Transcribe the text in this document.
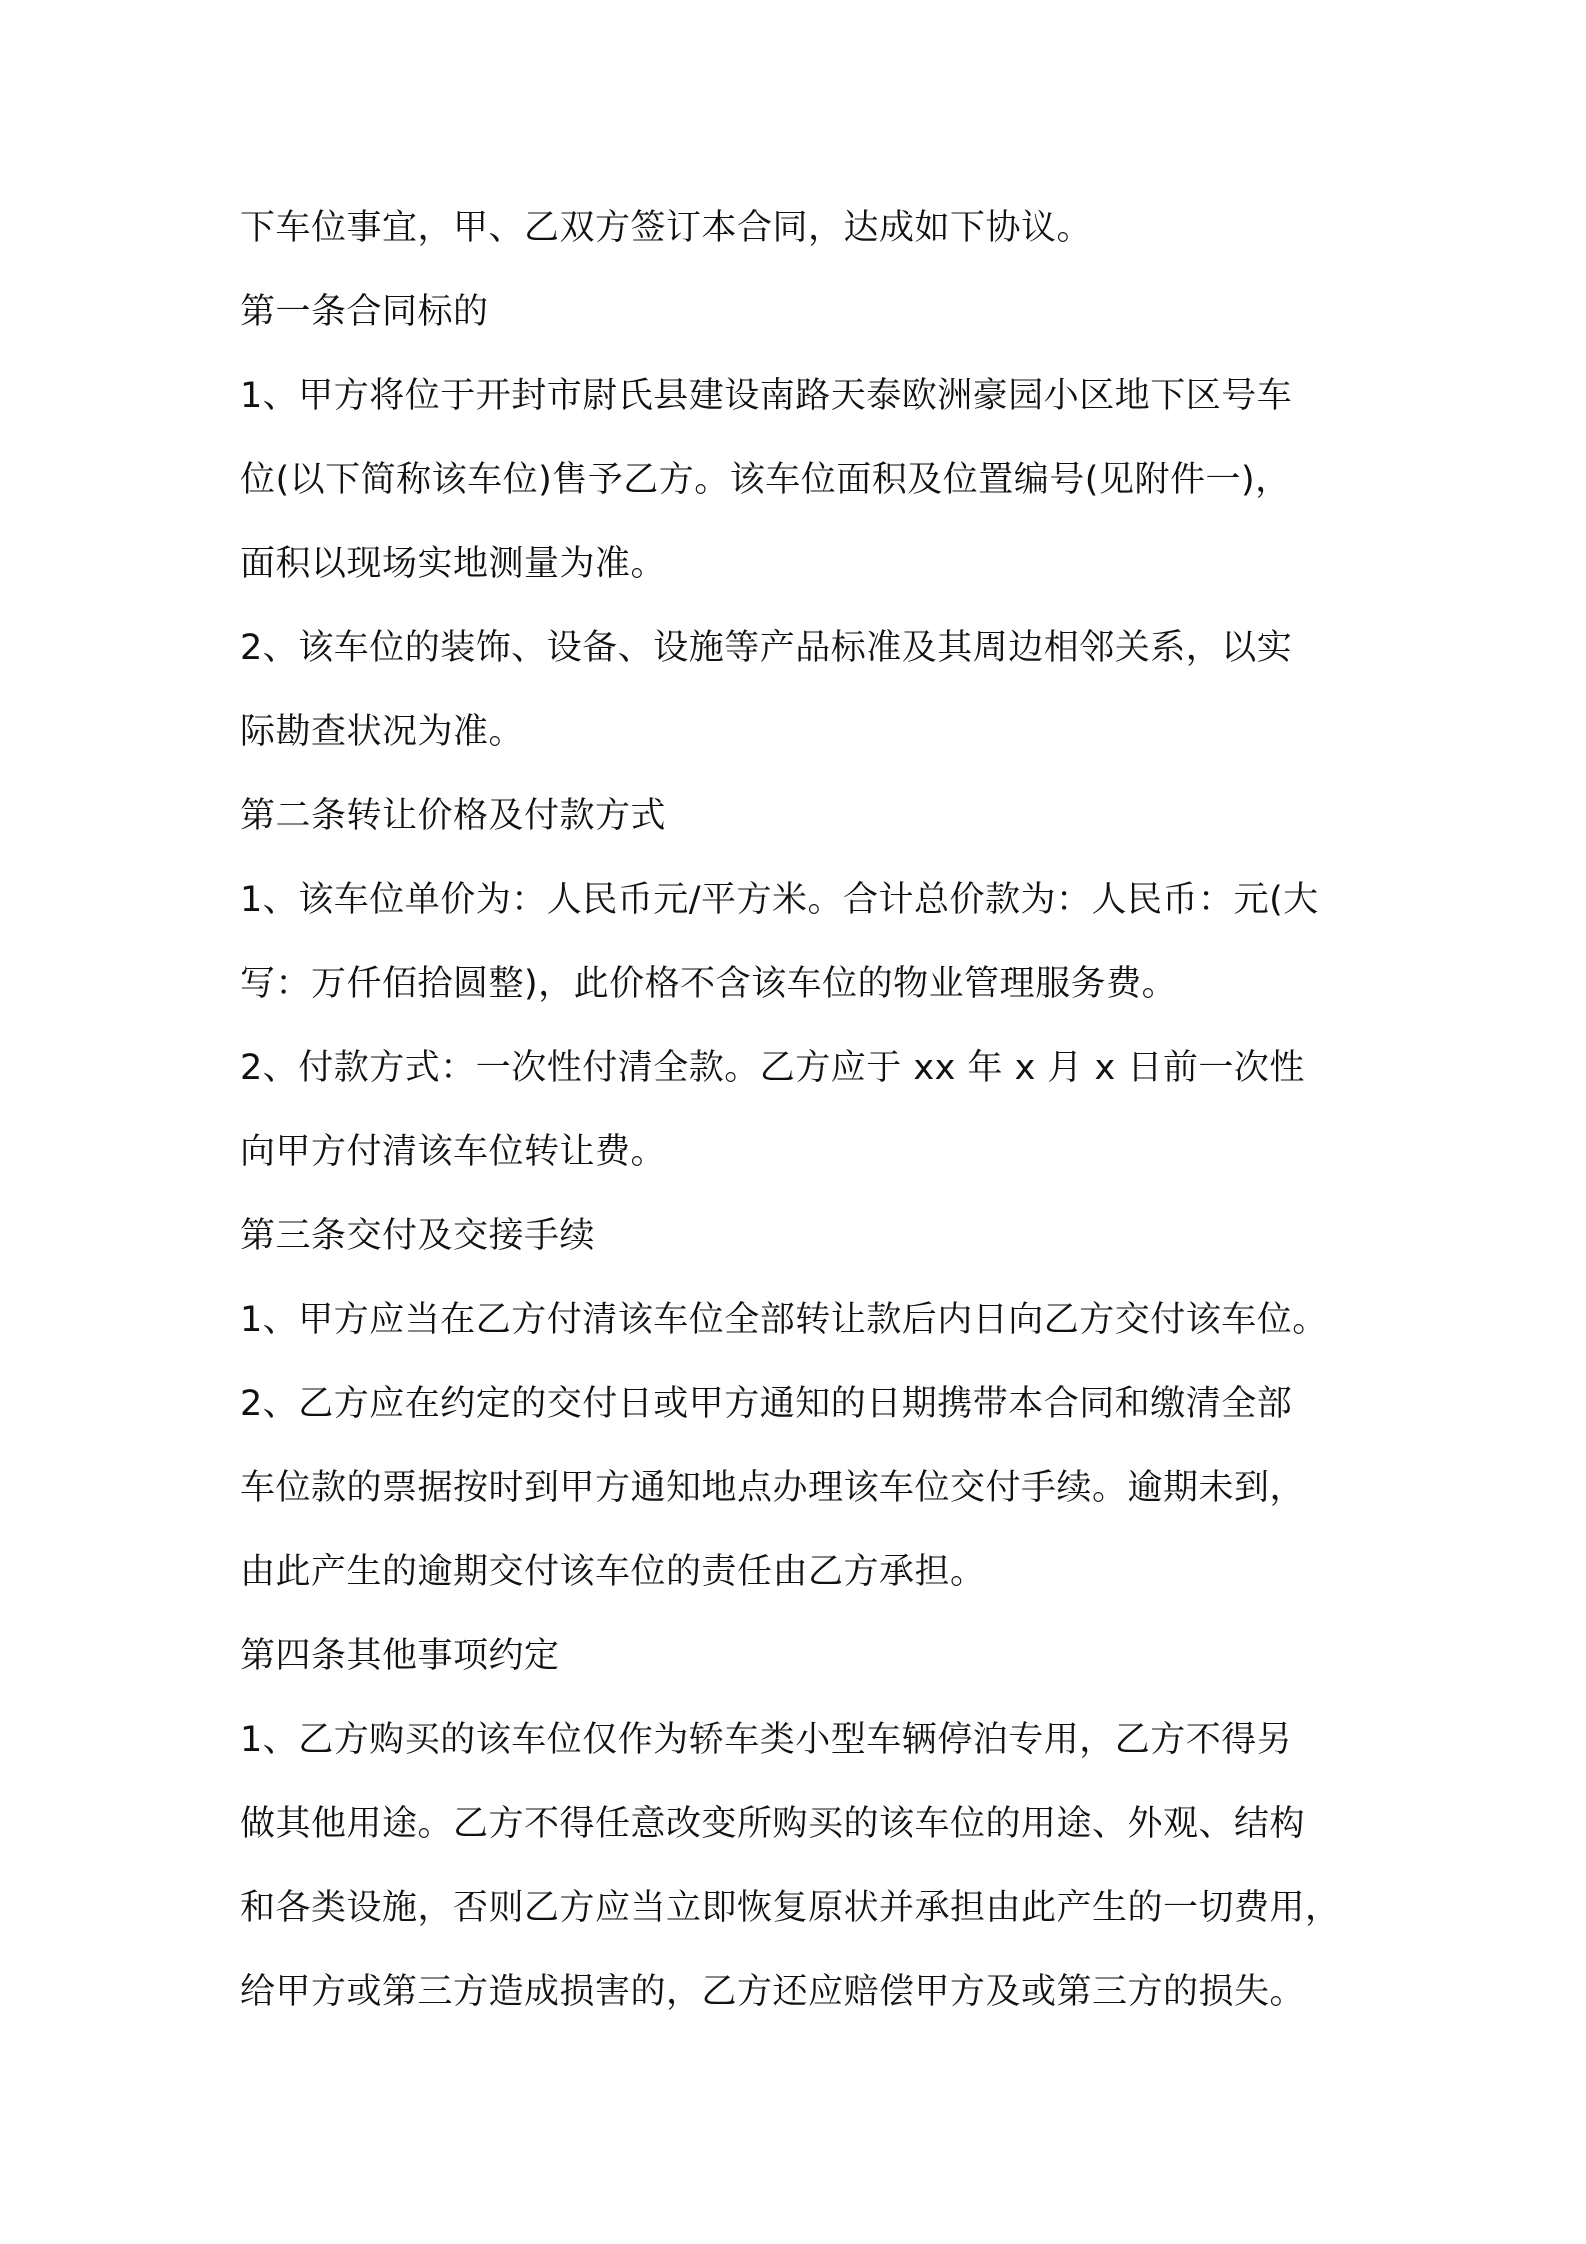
下车位事宜，甲、乙双方签订本合同，达成如下协议。
第一条合同标的
1、甲方将位于开封市尉氏县建设南路天泰欧洲豪园小区地下区号车
位(以下简称该车位)售予乙方。该车位面积及位置编号(见附件一)，
面积以现场实地测量为准。
2、该车位的装饰、设备、设施等产品标准及其周边相邻关系，以实
际勘查状况为准。
第二条转让价格及付款方式
1、该车位单价为：人民币元/平方米。合计总价款为：人民币：元(大
写：万仟佰拾圆整)，此价格不含该车位的物业管理服务费。
2、付款方式：一次性付清全款。乙方应于 xx 年 x 月 x 日前一次性
向甲方付清该车位转让费。
第三条交付及交接手续
1、甲方应当在乙方付清该车位全部转让款后内日向乙方交付该车位。
2、乙方应在约定的交付日或甲方通知的日期携带本合同和缴清全部
车位款的票据按时到甲方通知地点办理该车位交付手续。逾期未到，
由此产生的逾期交付该车位的责任由乙方承担。
第四条其他事项约定
1、乙方购买的该车位仅作为轿车类小型车辆停泊专用，乙方不得另
做其他用途。乙方不得任意改变所购买的该车位的用途、外观、结构
和各类设施，否则乙方应当立即恢复原状并承担由此产生的一切费用，
给甲方或第三方造成损害的，乙方还应赔偿甲方及或第三方的损失。
